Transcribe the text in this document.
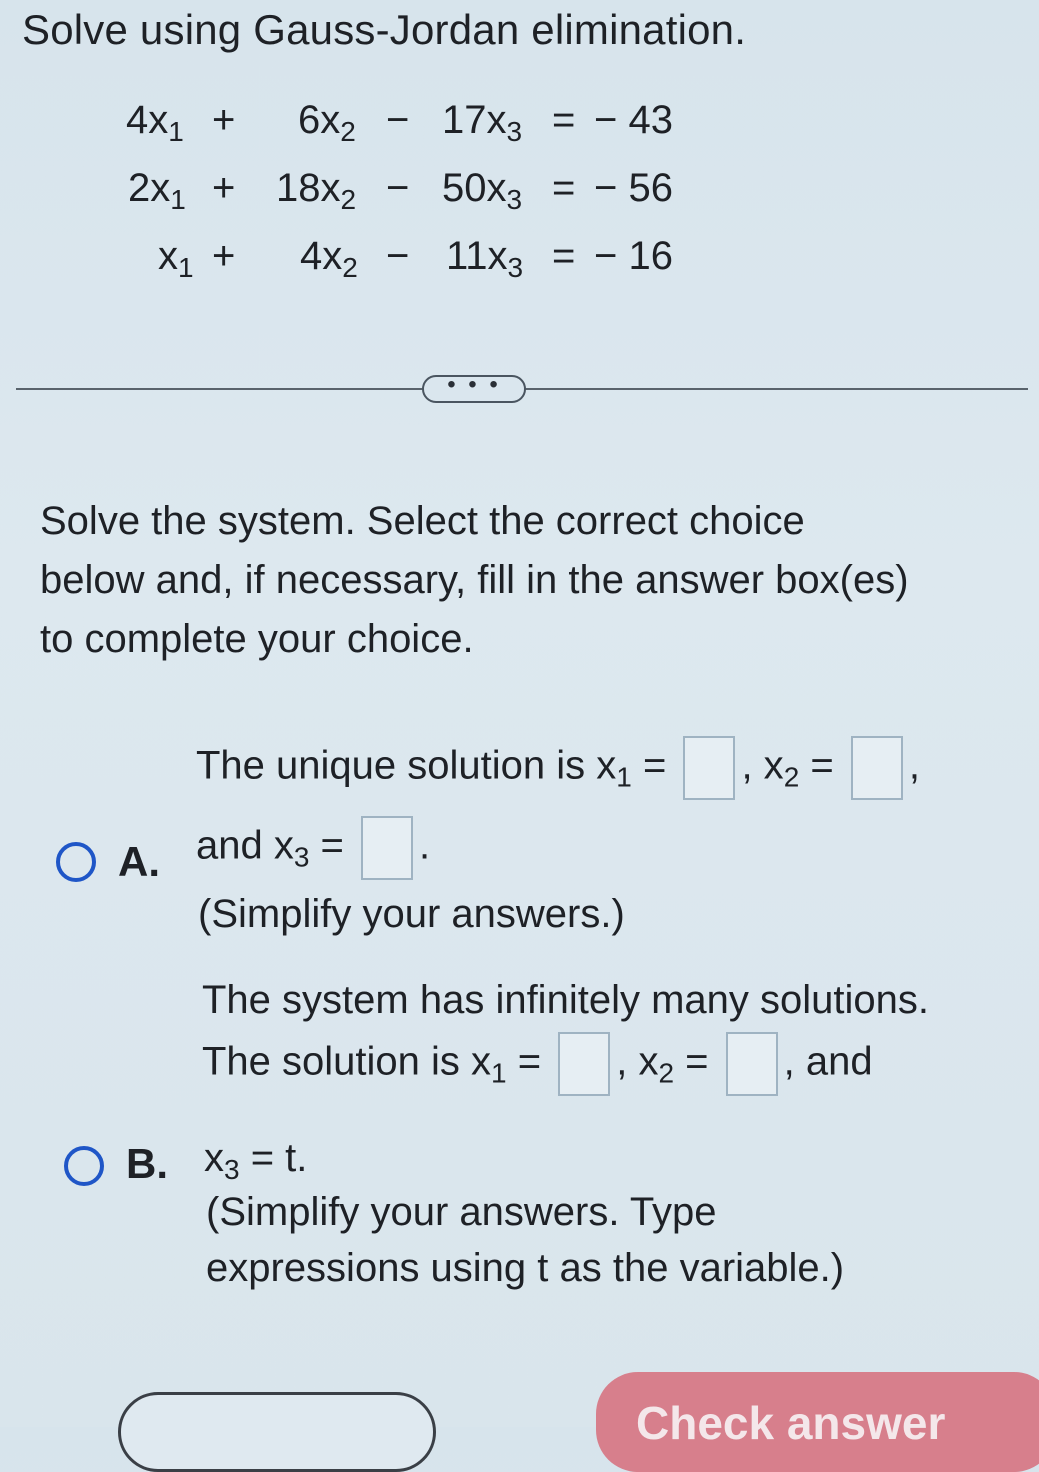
Solve using Gauss-Jordan elimination.
$4x_1 + 6x_2 - 17x_3$ = − 43
$2x_1 + 18x_2 - 50x_3$ = − 56
$x_1 + 4x_2 - 11x_3$ = − 16
• • •
Solve the system. Select the correct choice
below and, if necessary, fill in the answer box(es)
to complete your choice.
A.
The unique solution is $x_1$ = , $x_2$ = ,
and $x_3$ = .
(Simplify your answers.)
B.
The system has infinitely many solutions.
The solution is $x_1$ = , $x_2$ = , and
$x_3 = t$.
(Simplify your answers. Type
expressions using t as the variable.)
Check answer
